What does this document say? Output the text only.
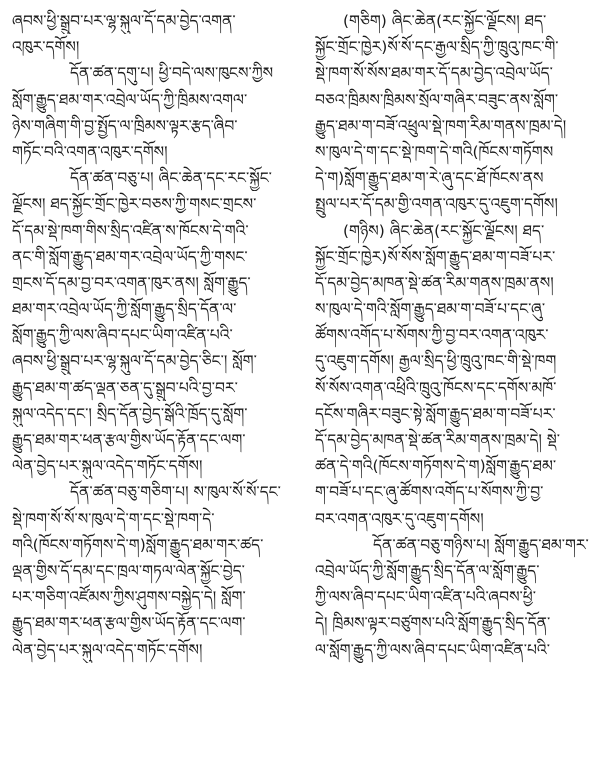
ཞབས་ཕྱི་སྒྲུབ་པར་ལྷ་སྐུལ་དོ་དམ་བྱེད་འགན་
འཁུར་དགོས།
དོན་ཚན་དགུ་པ། ཕྱི་བདེ་ལས་ཁུངས་ཀྱིས
སློག་རྒྱུད་ཐམ་གར་འབྲེལ་ཡོད་ཀྱི་ཁྲིམས་འགལ་
ཉེས་གཞིག་གི་བྱ་སྤྱོད་ལ་ཁྲིམས་ལྟར་རྩད་ཞིབ་
གཏོང་བའི་འགན་འཁུར་དགོས།
དོན་ཚན་བཅུ་པ། ཞིང་ཆེན་དང་རང་སྐྱོང་
ལྗོངས། ཐད་སྐྱོང་གྲོང་ཁྱེར་བཅས་ཀྱི་གསང་གྲངས་
དོ་དམ་སྡེ་ཁག་གིས་སྲིད་འཛིན་ས་ཁོངས་དེ་གའི་
ནང་གི་སློག་རྒྱུད་ཐམ་གར་འབྲེལ་ཡོད་ཀྱི་གསང་
གྲངས་དོ་དམ་བྱ་བར་འགན་ཁུར་ནས། སློག་རྒྱུད་
ཐམ་གར་འབྲེལ་ཡོད་ཀྱི་སློག་རྒྱུད་སྲིད་དོན་ལ་
སློག་རྒྱུད་ཀྱི་ལས་ཞིབ་དཔང་ཡིག་འཛིན་པའི་
ཞབས་ཕྱི་སྒྲུབ་པར་ལྷ་སྐུལ་དོ་དམ་བྱེད་ཅིང་། སློག་
རྒྱུད་ཐམ་ག་ཚད་ལྡན་ཅན་དུ་སྒྲུབ་པའི་བྱ་བར་
སྐུལ་འདེད་དང་། སྲིད་དོན་བྱེད་སྒོའི་ཁྲོད་དུ་སློག་
རྒྱུད་ཐམ་གར་ཕན་རྩལ་གྱིས་ཡོད་རྟོན་དང་ལག་
ལེན་བྱེད་པར་སྐུལ་འདེད་གཏོང་དགོས།
དོན་ཚན་བཅུ་གཅིག་པ། ས་ཁུལ་སོ་སོ་དང་
སྡེ་ཁག་སོ་སོ་ས་ཁུལ་དེ་ག་དང་སྡེ་ཁག་དེ་
གའི(ཁོངས་གཏོགས་དེ་ག)སློག་རྒྱུད་ཐམ་གར་ཚད་
ལྡན་གྱིས་དོ་དམ་དང་ཁྲལ་གཏལ་ལེན་སྐྱོང་བྱེད་
པར་གཅིག་འཛོམས་ཀྱིས་ཤུགས་བསྐྱེད་དེ། སློག་
རྒྱུད་ཐམ་གར་ཕན་རྩལ་གྱིས་ཡོད་རྟོན་དང་ལག་
ལེན་བྱེད་པར་སྐུལ་འདེད་གཏོང་དགོས།
(གཅིག) ཞིང་ཆེན(རང་སྐྱོང་ལྗོངས། ཐད་
སྐྱོང་གྲོང་ཁྱེར)སོ་སོ་དང་རྒྱལ་སྲིད་ཀྱི་ཁྲུའུ་ཁང་གི་
སྡེ་ཁག་སོ་སོས་ཐམ་གར་དོ་དམ་བྱེད་འབྲེལ་ཡོད་
བཅའ་ཁྲིམས་ཁྲིམས་སྲོལ་གཞིར་བཟུང་ནས་སློག་
རྒྱུད་ཐམ་ག་བཟོ་འཕྲུལ་སྡེ་ཁག་རིམ་གནས་ཁྲམ་དེ།
ས་ཁུལ་དེ་ག་དང་སྡེ་ཁག་དེ་གའི(ཁོངས་གཏོགས
དེ་ག)སློག་རྒྱུད་ཐམ་ག་རེ་ཞུ་དང་ཐོ་ཁོངས་ནས
སྤྲུལ་པར་དོ་དམ་གྱི་འགན་འཁུར་དུ་འཇུག་དགོས།
(གཉིས) ཞིང་ཆེན(རང་སྐྱོང་ལྗོངས། ཐད་
སྐྱོང་གྲོང་ཁྱེར)སོ་སོས་སློག་རྒྱུད་ཐམ་ག་བཟོ་པར་
དོ་དམ་བྱེད་མཁན་སྡེ་ཚན་རིམ་གནས་ཁྲམ་ནས།
ས་ཁུལ་དེ་གའི་སློག་རྒྱུད་ཐམ་ག་བཟོ་པ་དང་ཞུ་
ཚོགས་འགོད་པ་སོགས་ཀྱི་བྱ་བར་འགན་འཁུར་
དུ་འཇུག་དགོས། རྒྱལ་སྲིད་ཕྱི་ཁྲུའུ་ཁང་གི་སྡེ་ཁག
སོ་སོས་འགན་འཕྲིའི་ཁྲུའུ་ཁོངས་དང་དགོས་མཁོ་
དངོས་གཞིར་བཟུང་སྟེ་སློག་རྒྱུད་ཐམ་ག་བཟོ་པར་
དོ་དམ་བྱེད་མཁན་སྡེ་ཚན་རིམ་གནས་ཁྲམ་དེ། སྡེ་
ཚན་དེ་གའི(ཁོངས་གཏོགས་དེ་ག)སློག་རྒྱུད་ཐམ་
ག་བཟོ་པ་དང་ཞུ་ཚོགས་འགོད་པ་སོགས་ཀྱི་བྱ་
བར་འགན་འཁུར་དུ་འཇུག་དགོས།
དོན་ཚན་བཅུ་གཉིས་པ། སློག་རྒྱུད་ཐམ་གར་
འབྲེལ་ཡོད་ཀྱི་སློག་རྒྱུད་སྲིད་དོན་ལ་སློག་རྒྱུད་
ཀྱི་ལས་ཞིབ་དཔང་ཡིག་འཛིན་པའི་ཞབས་ཕྱི་
དེ། ཁྲིམས་ལྟར་བཙུགས་པའི་སློག་རྒྱུད་སྲིད་དོན་
ལ་སློག་རྒྱུད་ཀྱི་ལས་ཞིབ་དཔང་ཡིག་འཛིན་པའི་
